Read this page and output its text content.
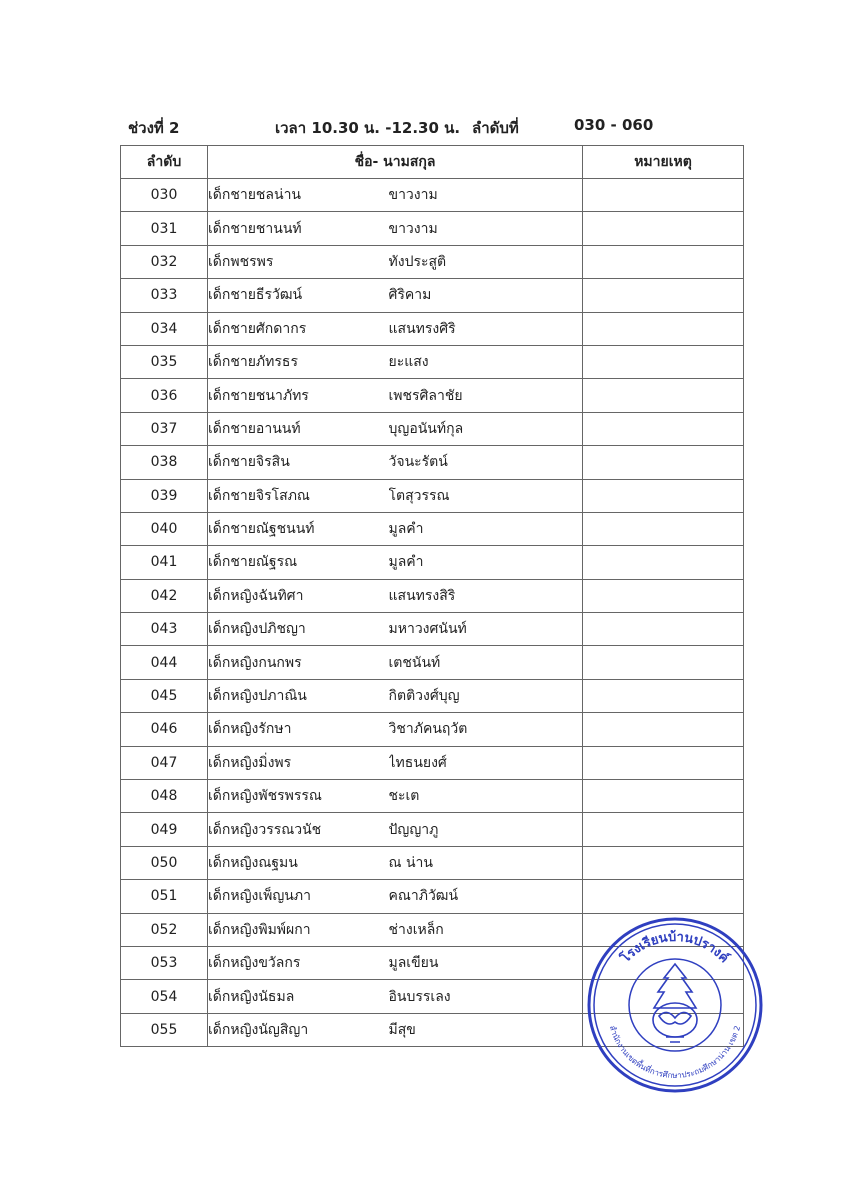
ช่วงที่ 2	เวลา 10.30 น. -12.30 น. ลำดับที่	030 - 060
ลำดับ	ชื่อ- นามสกุล		หมายเหตุ
030	เด็กชายชลน่าน	ขาวงาม	
031	เด็กชายชานนท์	ขาวงาม	
032	เด็กพชรพร	ทังประสูติ	
033	เด็กชายธีรวัฒน์	ศิริคาม	
034	เด็กชายศักดากร	แสนทรงศิริ	
035	เด็กชายภัทรธร	ยะแสง	
036	เด็กชายชนาภัทร	เพชรศิลาชัย	
037	เด็กชายอานนท์	บุญอนันท์กุล	
038	เด็กชายจิรสิน	วัจนะรัตน์	
039	เด็กชายจิรโสภณ	โตสุวรรณ	
040	เด็กชายณัฐชนนท์	มูลคำ	
041	เด็กชายณัฐรณ	มูลคำ	
042	เด็กหญิงฉันทิศา	แสนทรงสิริ	
043	เด็กหญิงปภิชญา	มหาวงศนันท์	
044	เด็กหญิงกนกพร	เตชนันท์	
045	เด็กหญิงปภาณิน	กิตติวงศ์บุญ	
046	เด็กหญิงรักษา	วิชาภัคนฤวัต	
047	เด็กหญิงมิ่งพร	ไทธนยงศ์	
048	เด็กหญิงพัชรพรรณ	ชะเต	
049	เด็กหญิงวรรณวนัช	ปัญญาภู	
050	เด็กหญิงณฐมน	ณ น่าน	
051	เด็กหญิงเพ็ญนภา	คณาภิวัฒน์	
052	เด็กหญิงพิมพ์ผกา	ช่างเหล็ก	
053	เด็กหญิงขวัลกร	มูลเขียน	
054	เด็กหญิงนัธมล	อินบรรเลง	
055	เด็กหญิงนัญสิญา	มีสุข	
โรงเรียนบ้านปรางค์
สำนักงานเขตพื้นที่การศึกษาประถมศึกษาน่าน เขต 2
